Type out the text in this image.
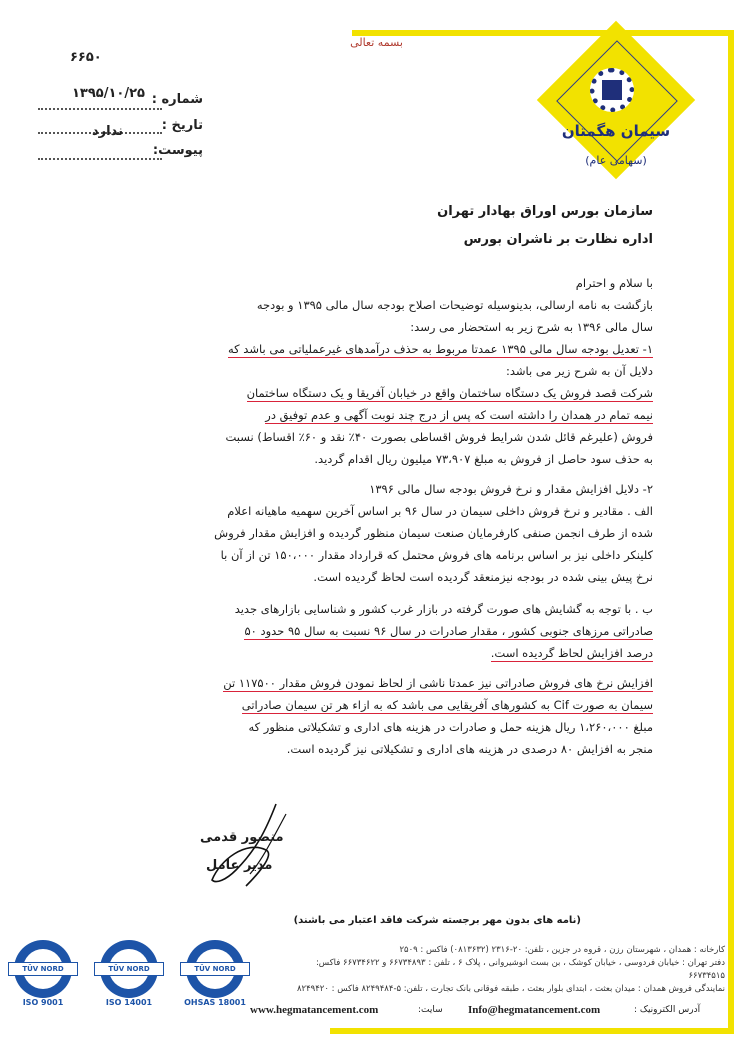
بسمه تعالی
سیمان هگمتان
(سهامی عام)
۶۶۵۰
شماره :
۱۳۹۵/۱۰/۲۵
تاریخ :
پیوست:
ندارد
سازمان بورس اوراق بهادار تهران
اداره نظارت بر ناشران بورس
با سلام و احترام
بازگشت به نامه ارسالی، بدینوسیله توضیحات اصلاح بودجه سال مالی ۱۳۹۵ و بودجه
سال مالی ۱۳۹۶ به شرح زیر به استحضار می رسد:
۱- تعدیل بودجه سال مالی ۱۳۹۵ عمدتا مربوط به حذف درآمدهای غیرعملیاتی می باشد که
دلایل آن به شرح زیر می باشد:
شرکت قصد فروش یک دستگاه ساختمان واقع در خیابان آفریقا و یک دستگاه ساختمان
نیمه تمام در همدان را داشته است که پس از درج چند نوبت آگهی و عدم توفیق در
فروش (علیرغم قائل شدن شرایط فروش اقساطی بصورت ۴۰٪ نقد و ۶۰٪ اقساط) نسبت
به حذف سود حاصل از فروش به مبلغ ۷۳،۹۰۷ میلیون ریال اقدام گردید.
۲- دلایل افزایش مقدار و نرخ فروش بودجه سال مالی ۱۳۹۶
الف . مقادیر و نرخ فروش داخلی سیمان در سال ۹۶ بر اساس آخرین سهمیه ماهیانه اعلام
شده از طرف انجمن صنفی کارفرمایان صنعت سیمان منظور گردیده و افزایش مقدار فروش
کلینکر داخلی نیز بر اساس برنامه های فروش محتمل که قرارداد مقدار ۱۵۰،۰۰۰ تن از آن با
نرخ پیش بینی شده در بودجه نیزمنعقد گردیده است لحاظ گردیده است.
ب . با توجه به گشایش های صورت گرفته در بازار غرب کشور و شناسایی بازارهای جدید
صادراتی مرزهای جنوبی کشور ، مقدار صادرات در سال ۹۶ نسبت به سال ۹۵ حدود ۵۰
درصد افزایش لحاظ گردیده است.
افزایش نرخ های فروش صادراتی نیز عمدتا ناشی از لحاظ نمودن فروش مقدار ۱۱۷۵۰۰ تن
سیمان به صورت Cif به کشورهای آفریقایی می باشد که به ازاء هر تن سیمان صادراتی
مبلغ ۱،۲۶۰،۰۰۰ ریال هزینه حمل و صادرات در هزینه های اداری و تشکیلاتی منظور که
منجر به افزایش ۸۰ درصدی در هزینه های اداری و تشکیلاتی نیز گردیده است.
منصور قدمی
مدیر عامل
(نامه های بدون مهر برجسته شرکت فاقد اعتبار می باشند)
TÜV NORD
ISO 9001
TÜV NORD
ISO 14001
TÜV NORD
OHSAS 18001
کارخانه : همدان ، شهرستان رزن ، قروه در جزین ، تلفن: ۲۰-۲۳۱۶ (۰۸۱۳۶۳۲) فاکس : ۲۵۰۹
دفتر تهران : خیابان فردوسی ، خیابان کوشک ، بن بست انوشیروانی ، پلاک ۶ ، تلفن : ۶۶۷۳۴۸۹۳ و ۶۶۷۳۴۶۲۲ فاکس: ۶۶۷۳۴۵۱۵
نمایندگی فروش همدان : میدان بعثت ، ابتدای بلوار بعثت ، طبقه فوقانی بانک تجارت ، تلفن: ۵-۸۲۴۹۴۸۴ فاکس : ۸۲۴۹۴۲۰
www.hegmatancement.com	سایت: Info@hegmatancement.com	آدرس الکترونیک :
